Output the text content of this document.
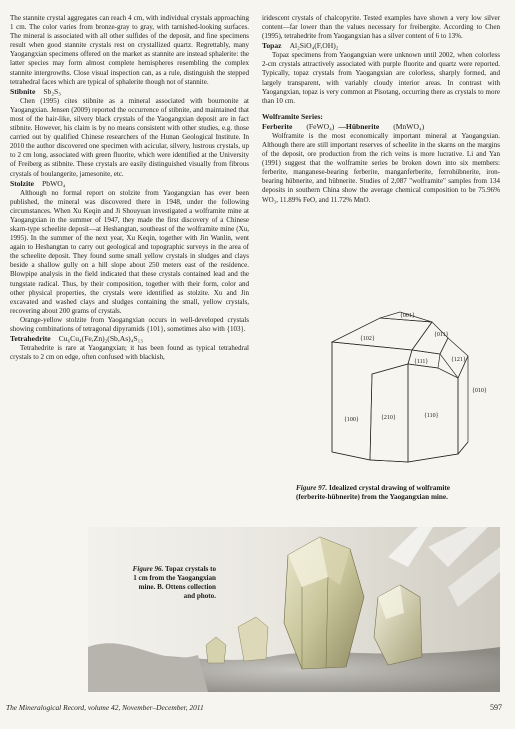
The stannite crystal aggregates can reach 4 cm, with individual crystals approaching 1 cm. The color varies from bronze-gray to gray, with tarnished-looking surfaces. The mineral is associated with all other sulfides of the deposit, and fine specimens result when good stannite crystals rest on crystallized quartz. Regrettably, many Yaogangxian specimens offered on the market as stannite are instead sphalerite: the latter species may form almost complete hemispheres resembling the complex stannite intergrowths. Close visual inspection can, as a rule, distinguish the stepped tetrahedral faces which are typical of sphalerite though not of stannite.

Stibnite Sb₂S₃

Chen (1995) cites stibnite as a mineral associated with bournonite at Yaogangxian. Jensen (2009) reported the occurrence of stibnite, and maintained that most of the hair-like, silvery black crystals of the Yaogangxian deposit are in fact stibnite. However, his claim is by no means consistent with other studies, e.g. those carried out by qualified Chinese researchers of the Hunan Geological Institute. In 2010 the author discovered one specimen with acicular, silvery, lustrous crystals, up to 2 cm long, associated with green fluorite, which were identified at the University of Freiberg as stibnite. These crystals are easily distinguished visually from fibrous crystals of boulangerite, jamesonite, etc.

Stolzite PbWO₄

Although no formal report on stolzite from Yaogangxian has ever been published, the mineral was discovered there in 1948, under the following circumstances. When Xu Keqin and Ji Shouyuan investigated a wolframite mine at Yaogangxian in the summer of 1947, they made the first discovery of a Chinese skarn-type scheelite deposit—at Heshangtan, southeast of the wolframite mine (Xu, 1995). In the summer of the next year, Xu Keqin, together with Jin Wanlin, went again to Heshangtan to carry out geological and topographic surveys in the area of the scheelite deposit. They found some small yellow crystals in sludges and clays beside a shallow gully on a hill slope about 250 meters east of the residence. Blowpipe analysis in the field indicated that these crystals contained lead and the tungstate radical. Thus, by their composition, together with their form, color and other physical properties, the crystals were identified as stolzite. Xu and Jin excavated and washed clays and sludges containing the small, yellow crystals, recovering about 200 grams of crystals.

Orange-yellow stolzite from Yaogangxian occurs in well-developed crystals showing combinations of tetragonal dipyramids {101}, sometimes also with {103}.

Tetrahedrite Cu₆Cu₄(Fe,Zn)₂(Sb,As)₄S₁₃

Tetrahedrite is rare at Yaogangxian; it has been found as typical tetrahedral crystals to 2 cm on edge, often confused with blackish,

iridescent crystals of chalcopyrite. Tested examples have shown a very low silver content—far lower than the values necessary for freibergite. According to Chen (1995), tetrahedrite from Yaogangxian has a silver content of 6 to 13%.

Topaz Al₂SiO₄(F,OH)₂

Topaz specimens from Yaogangxian were unknown until 2002, when colorless 2-cm crystals attractively associated with purple fluorite and quartz were reported. Typically, topaz crystals from Yaogangxian are colorless, sharply formed, and largely transparent, with variably cloudy interior areas. In contrast with Yaogangxian, topaz is very common at Pisotang, occurring there as crystals to more than 10 cm.

Wolframite Series:

Ferberite (FeWO₄) —Hübnerite (MnWO₄)

Wolframite is the most economically important mineral at Yaogangxian. Although there are still important reserves of scheelite in the skarns on the margins of the deposit, ore production from the rich veins is more lucrative. Li and Yan (1991) suggest that the wolframite series be broken down into six members: ferberite, manganese-bearing ferberite, manganferberite, ferrohübnerite, iron-bearing hübnerite, and hübnerite. Studies of 2,087 "wolframite" samples from 134 deposits in southern China show the average chemical composition to be 75.96% WO₃, 11.89% FeO, and 11.72% MnO.

{001}
{102}
{011}
{111}	{121}
{010}
{100}	{210}	{110}
Figure 97. Idealized crystal drawing of wolframite (ferberite-hübnerite) from the Yaogangxian mine.
Figure 96. Topaz crystals to 1 cm from the Yaogangxian mine. B. Ottens collection and photo.
The Mineralogical Record, volume 42, November–December, 2011	597
